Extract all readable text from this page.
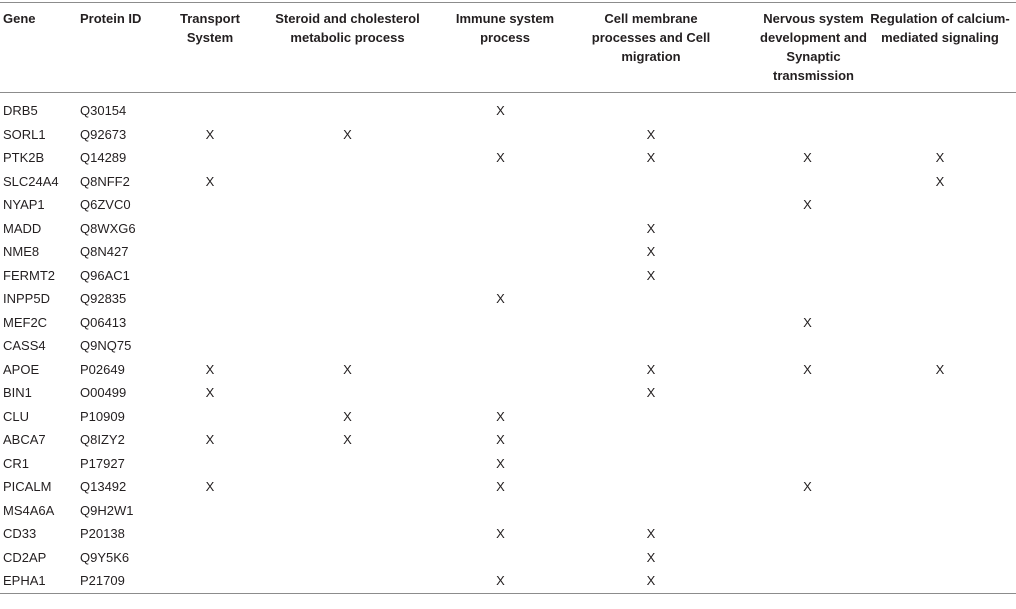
Gene	Protein ID	Transport System	Steroid and cholesterol metabolic process	Immune system process	Cell membrane processes and Cell migration	Nervous system development and Synaptic transmission	Regulation of calcium-mediated signaling
DRB5	Q30154			X			
SORL1	Q92673	X	X		X		
PTK2B	Q14289			X	X	X	X
SLC24A4	Q8NFF2	X					X
NYAP1	Q6ZVC0					X	
MADD	Q8WXG6				X		
NME8	Q8N427				X		
FERMT2	Q96AC1				X		
INPP5D	Q92835			X			
MEF2C	Q06413					X	
CASS4	Q9NQ75						
APOE	P02649	X	X		X	X	X
BIN1	O00499	X			X		
CLU	P10909		X	X			
ABCA7	Q8IZY2	X	X	X			
CR1	P17927			X			
PICALM	Q13492	X		X		X	
MS4A6A	Q9H2W1						
CD33	P20138			X	X		
CD2AP	Q9Y5K6				X		
EPHA1	P21709			X	X		
